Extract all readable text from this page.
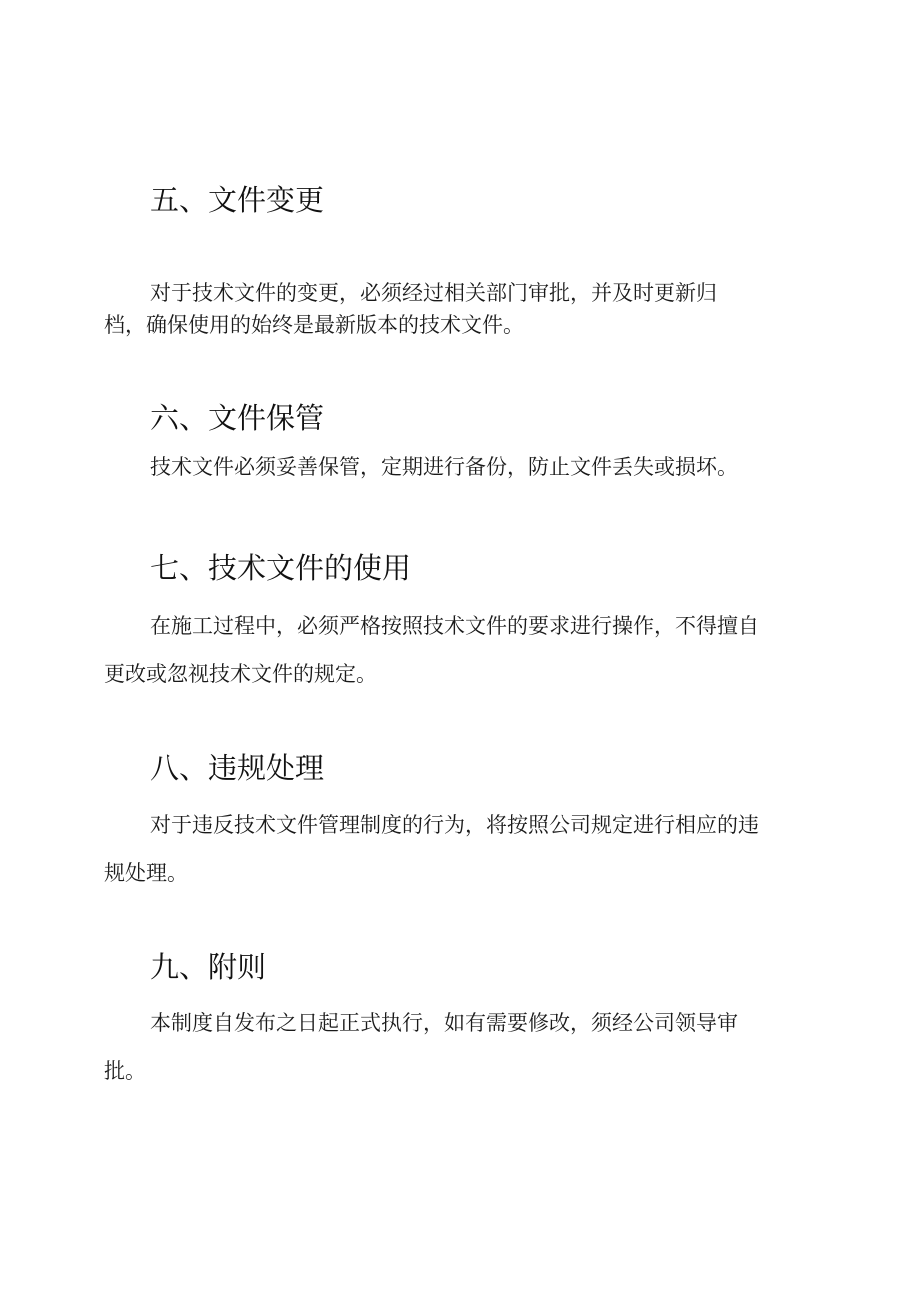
五、文件变更
对于技术文件的变更，必须经过相关部门审批，并及时更新归
档，确保使用的始终是最新版本的技术文件。
六、文件保管
技术文件必须妥善保管，定期进行备份，防止文件丢失或损坏。
七、技术文件的使用
在施工过程中，必须严格按照技术文件的要求进行操作，不得擅自
更改或忽视技术文件的规定。
八、违规处理
对于违反技术文件管理制度的行为，将按照公司规定进行相应的违
规处理。
九、附则
本制度自发布之日起正式执行，如有需要修改，须经公司领导审
批。
